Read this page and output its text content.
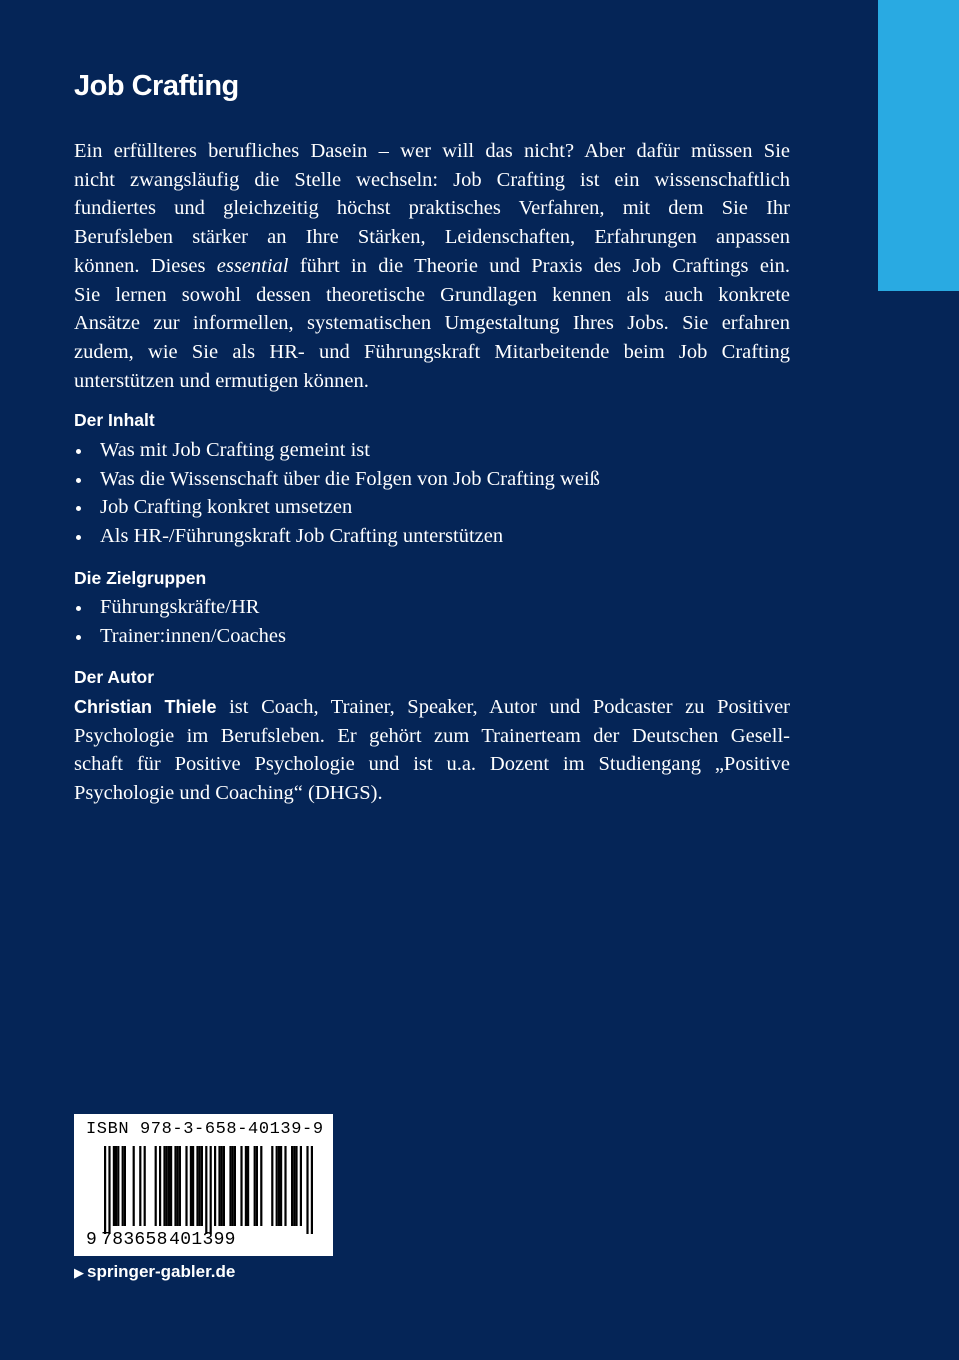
Job Crafting
Ein erfüllteres berufliches Dasein – wer will das nicht? Aber dafür müssen Sie
nicht zwangsläufig die Stelle wechseln: Job Crafting ist ein wissenschaftlich
fundiertes und gleichzeitig höchst praktisches Verfahren, mit dem Sie Ihr
Berufsleben stärker an Ihre Stärken, Leidenschaften, Erfahrungen anpassen
können. Dieses essential führt in die Theorie und Praxis des Job Craftings ein.
Sie lernen sowohl dessen theoretische Grundlagen kennen als auch konkrete
Ansätze zur informellen, systematischen Umgestaltung Ihres Jobs. Sie erfahren
zudem, wie Sie als HR- und Führungskraft Mitarbeitende beim Job Crafting
unterstützen und ermutigen können.
Der Inhalt
Was mit Job Crafting gemeint ist
Was die Wissenschaft über die Folgen von Job Crafting weiß
Job Crafting konkret umsetzen
Als HR-/Führungskraft Job Crafting unterstützen
Die Zielgruppen
Führungskräfte/HR
Trainer:innen/Coaches
Der Autor
Christian Thiele ist Coach, Trainer, Speaker, Autor und Podcaster zu Positiver
Psychologie im Berufsleben. Er gehört zum Trainerteam der Deutschen Gesell-
schaft für Positive Psychologie und ist u.a. Dozent im Studiengang „Positive
Psychologie und Coaching“ (DHGS).
ISBN 978-3-658-40139-9
9 783658 401399
▶ springer-gabler.de
